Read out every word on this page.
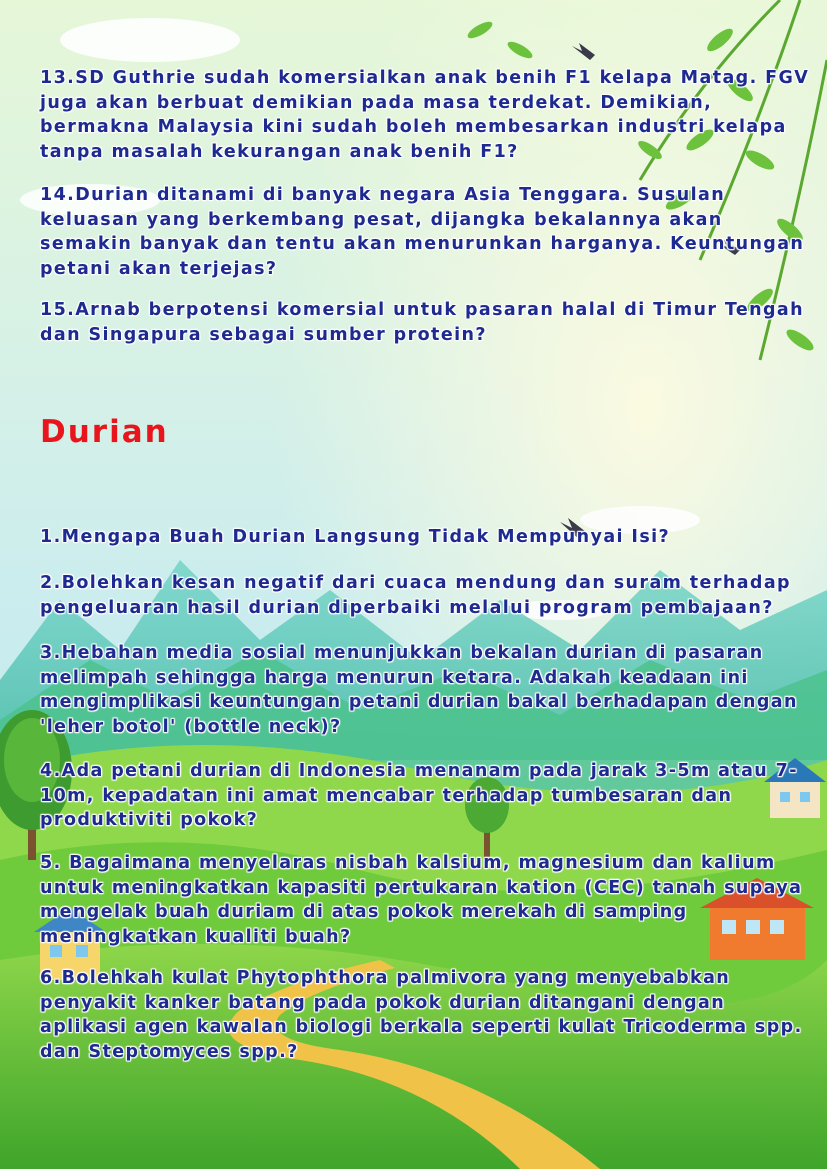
13.SD Guthrie sudah komersialkan anak benih F1 kelapa Matag. FGV juga akan berbuat demikian pada masa terdekat. Demikian, bermakna Malaysia kini sudah boleh membesarkan industri kelapa tanpa masalah kekurangan anak benih F1?

14.Durian ditanami di banyak negara Asia Tenggara. Susulan keluasan yang berkembang pesat, dijangka bekalannya akan semakin banyak dan tentu akan menurunkan harganya. Keuntungan petani akan terjejas?

15.Arnab berpotensi komersial untuk pasaran halal di Timur Tengah dan Singapura sebagai sumber protein?

Durian

1.Mengapa Buah Durian Langsung Tidak Mempunyai Isi?

2.Bolehkan kesan negatif dari cuaca mendung dan suram terhadap pengeluaran hasil durian diperbaiki melalui program pembajaan?

3.Hebahan media sosial menunjukkan bekalan durian di pasaran melimpah sehingga harga menurun ketara. Adakah keadaan ini mengimplikasi keuntungan petani durian bakal berhadapan dengan 'leher botol' (bottle neck)?

4.Ada petani durian di Indonesia menanam pada jarak 3-5m atau 7-10m, kepadatan ini amat mencabar terhadap tumbesaran dan produktiviti pokok?

5. Bagaimana menyelaras nisbah kalsium, magnesium dan kalium untuk meningkatkan kapasiti pertukaran kation (CEC) tanah supaya mengelak buah duriam di atas pokok merekah di samping meningkatkan kualiti buah?

6.Bolehkah kulat Phytophthora palmivora yang menyebabkan penyakit kanker batang pada pokok durian ditangani dengan aplikasi agen kawalan biologi berkala seperti kulat Tricoderma spp. dan Steptomyces spp.?
